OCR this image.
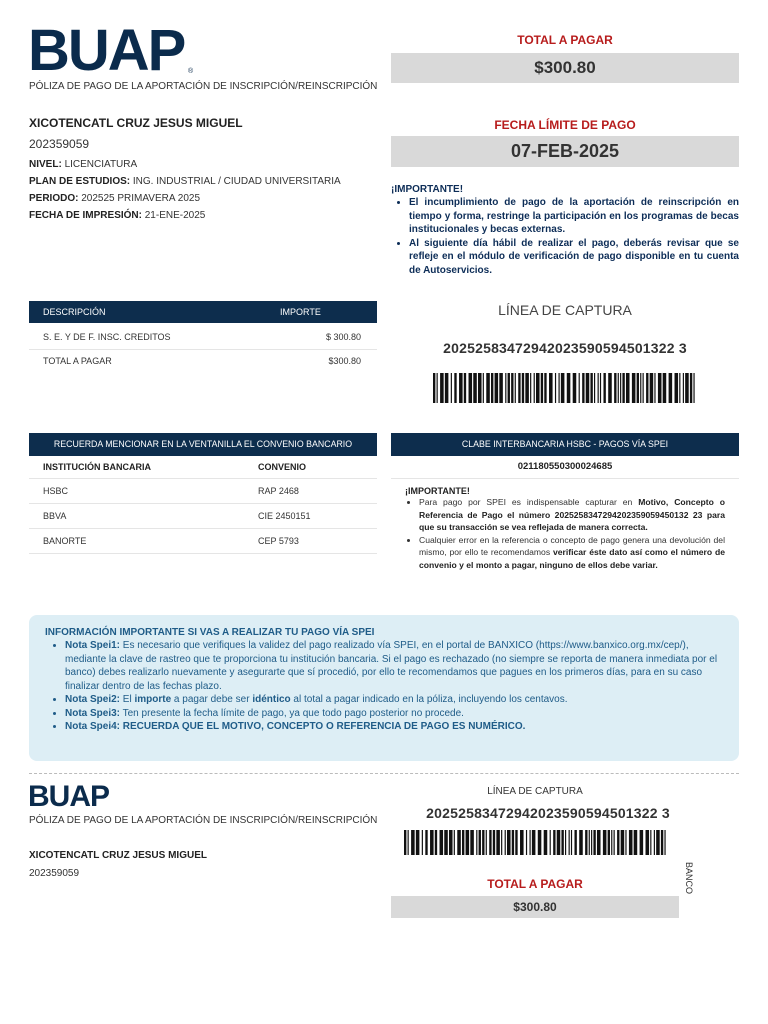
BUAP ®
PÓLIZA DE PAGO DE LA APORTACIÓN DE INSCRIPCIÓN/REINSCRIPCIÓN
XICOTENCATL CRUZ JESUS MIGUEL
202359059
NIVEL: LICENCIATURA
PLAN DE ESTUDIOS: ING. INDUSTRIAL / CIUDAD UNIVERSITARIA
PERIODO: 202525 PRIMAVERA 2025
FECHA DE IMPRESIÓN: 21-ENE-2025
TOTAL A PAGAR
$300.80
FECHA LÍMITE DE PAGO
07-FEB-2025
¡IMPORTANTE!
• El incumplimiento de pago de la aportación de reinscripción en tiempo y forma, restringe la participación en los programas de becas institucionales y becas externas.
• Al siguiente día hábil de realizar el pago, deberás revisar que se refleje en el módulo de verificación de pago disponible en tu cuenta de Autoservicios.
DESCRIPCIÓN	IMPORTE
S. E. Y DE F. INSC. CREDITOS	$ 300.80
TOTAL A PAGAR	$300.80
LÍNEA DE CAPTURA
20252583472942023590594501322 3
RECUERDA MENCIONAR EN LA VENTANILLA EL CONVENIO BANCARIO
INSTITUCIÓN BANCARIA	CONVENIO
HSBC	RAP 2468
BBVA	CIE 2450151
BANORTE	CEP 5793
CLABE INTERBANCARIA HSBC - PAGOS VÍA SPEI
021180550300024685
¡IMPORTANTE!
• Para pago por SPEI es indispensable capturar en Motivo, Concepto o Referencia de Pago el número 2025258347294202359059450132 23 para que su transacción se vea reflejada de manera correcta.
• Cualquier error en la referencia o concepto de pago genera una devolución del mismo, por ello te recomendamos verificar éste dato así como el número de convenio y el monto a pagar, ninguno de ellos debe variar.
INFORMACIÓN IMPORTANTE SI VAS A REALIZAR TU PAGO VÍA SPEI
• Nota Spei1: Es necesario que verifiques la validez del pago realizado vía SPEI, en el portal de BANXICO (https://www.banxico.org.mx/cep/), mediante la clave de rastreo que te proporciona tu institución bancaria. Si el pago es rechazado (no siempre se reporta de manera inmediata por el banco) debes realizarlo nuevamente y asegurarte que sí procedió, por ello te recomendamos que pagues en los primeros días, para en su caso finalizar dentro de las fechas plazo.
• Nota Spei2: El importe a pagar debe ser idéntico al total a pagar indicado en la póliza, incluyendo los centavos.
• Nota Spei3: Ten presente la fecha límite de pago, ya que todo pago posterior no procede.
• Nota Spei4: RECUERDA QUE EL MOTIVO, CONCEPTO O REFERENCIA DE PAGO ES NUMÉRICO.
BUAP
PÓLIZA DE PAGO DE LA APORTACIÓN DE INSCRIPCIÓN/REINSCRIPCIÓN
XICOTENCATL CRUZ JESUS MIGUEL
202359059
LÍNEA DE CAPTURA
20252583472942023590594501322 3
BANCO
TOTAL A PAGAR
$300.80
